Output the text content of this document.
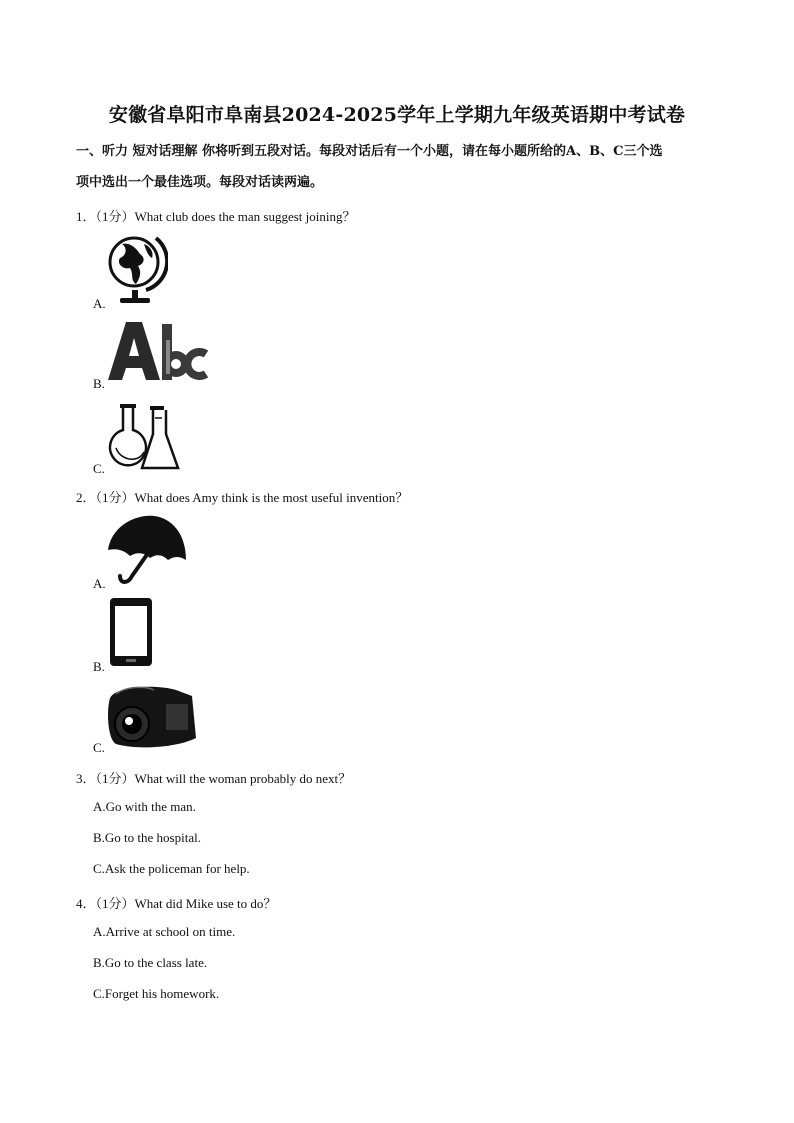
安徽省阜阳市阜南县2024-2025学年上学期九年级英语期中考试卷
一、听力 短对话理解 你将听到五段对话。每段对话后有一个小题，请在每小题所给的A、B、C三个选
项中选出一个最佳选项。每段对话读两遍。
1．（1分）What club does the man suggest joining？
A.
B.
C.
2．（1分）What does Amy think is the most useful invention？
A.
B.
C.
3．（1分）What will the woman probably do next？
A.Go with the man.
B.Go to the hospital.
C.Ask the policeman for help.
4．（1分）What did Mike use to do？
A.Arrive at school on time.
B.Go to the class late.
C.Forget his homework.
